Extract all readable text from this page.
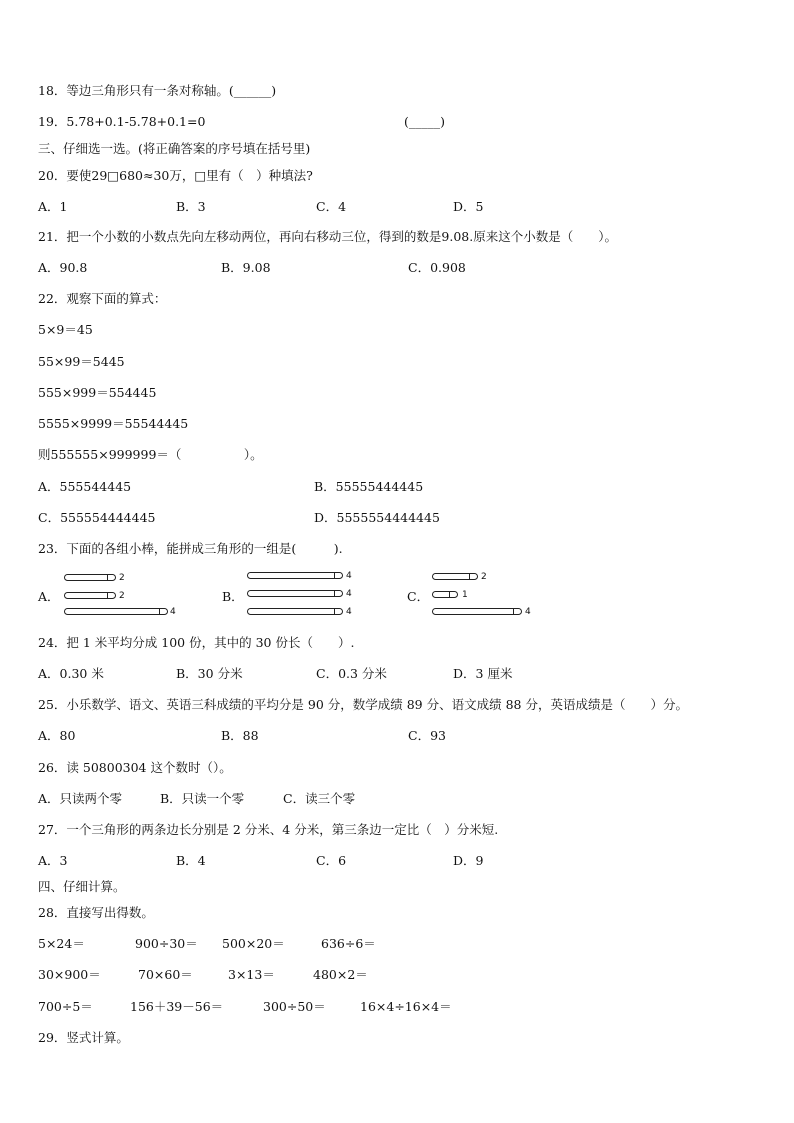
18．等边三角形只有一条对称轴。(______)
19．5.78+0.1-5.78+0.1=0	(_____)
三、仔细选一选。(将正确答案的序号填在括号里)
20．要使29□680≈30万，□里有（　）种填法?
A．1	B．3	C．4	D．5
21．把一个小数的小数点先向左移动两位，再向右移动三位，得到的数是9.08.原来这个小数是（　　）。
A．90.8	B．9.08	C．0.908
22．观察下面的算式：
5×9＝45
55×99＝5445
555×999＝554445
5555×9999＝55544445
则555555×999999＝（　　　　　）。
A．555544445	B．55555444445
C．555554444445	D．5555554444445
23．下面的各组小棒，能拼成三角形的一组是(　　　).
A．
2
2
4
B．
4
4
4
C．
2
1
4
24．把 1 米平均分成 100 份，其中的 30 份长（　　）.
A．0.30 米	B．30 分米	C．0.3 分米	D．3 厘米
25．小乐数学、语文、英语三科成绩的平均分是 90 分，数学成绩 89 分、语文成绩 88 分，英语成绩是（　　）分。
A．80	B．88	C．93
26．读 50800304 这个数时（）。
A．只读两个零	B．只读一个零	C．读三个零
27．一个三角形的两条边长分别是 2 分米、4 分米，第三条边一定比（　）分米短.
A．3	B．4	C．6	D．9
四、仔细计算。
28．直接写出得数。
5×24＝	900÷30＝ 500×20＝	636÷6＝
30×900＝	70×60＝	3×13＝	480×2＝
700÷5＝	156＋39－56＝	300÷50＝	16×4÷16×4＝
29．竖式计算。
